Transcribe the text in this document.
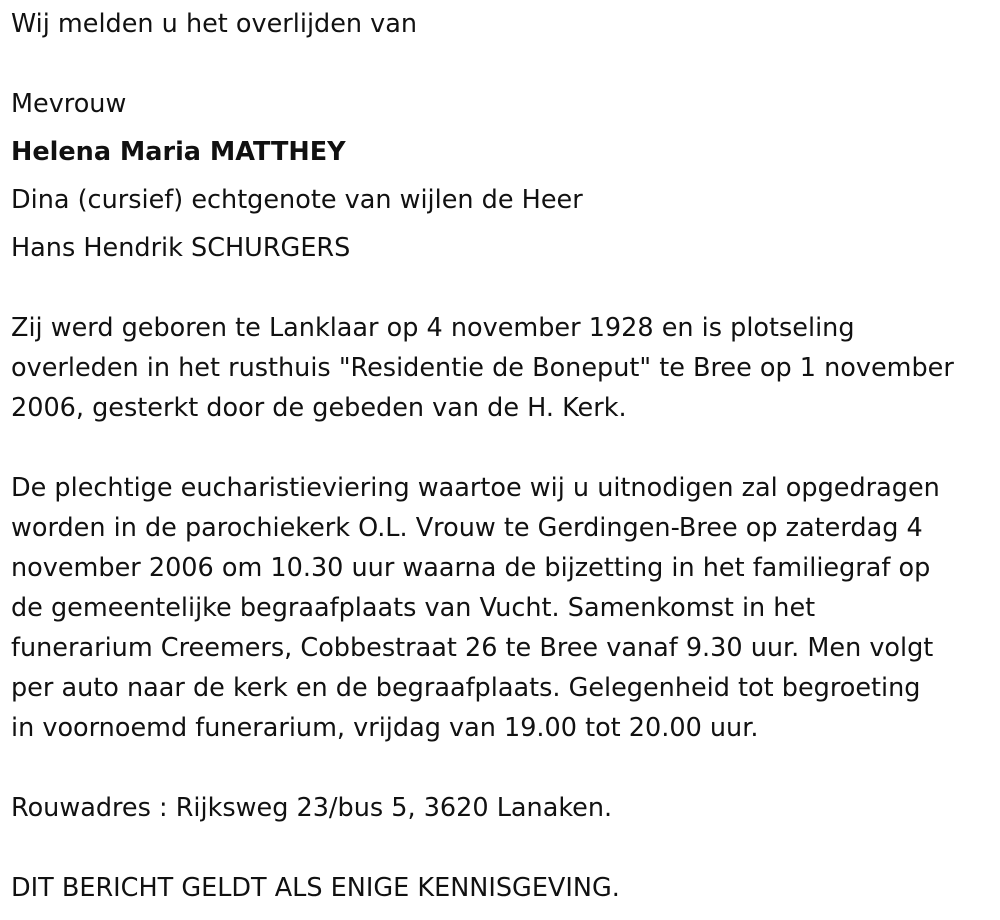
Wij melden u het overlijden van

Mevrouw

Helena Maria MATTHEY

Dina (cursief) echtgenote van wijlen de Heer

Hans Hendrik SCHURGERS

Zij werd geboren te Lanklaar op 4 november 1928 en is plotseling

overleden in het rusthuis "Residentie de Boneput" te Bree op 1 november

2006, gesterkt door de gebeden van de H. Kerk.

De plechtige eucharistieviering waartoe wij u uitnodigen zal opgedragen

worden in de parochiekerk O.L. Vrouw te Gerdingen-Bree op zaterdag 4

november 2006 om 10.30 uur waarna de bijzetting in het familiegraf op

de gemeentelijke begraafplaats van Vucht. Samenkomst in het

funerarium Creemers, Cobbestraat 26 te Bree vanaf 9.30 uur. Men volgt

per auto naar de kerk en de begraafplaats. Gelegenheid tot begroeting

in voornoemd funerarium, vrijdag van 19.00 tot 20.00 uur.

Rouwadres : Rijksweg 23/bus 5, 3620 Lanaken.

DIT BERICHT GELDT ALS ENIGE KENNISGEVING.
